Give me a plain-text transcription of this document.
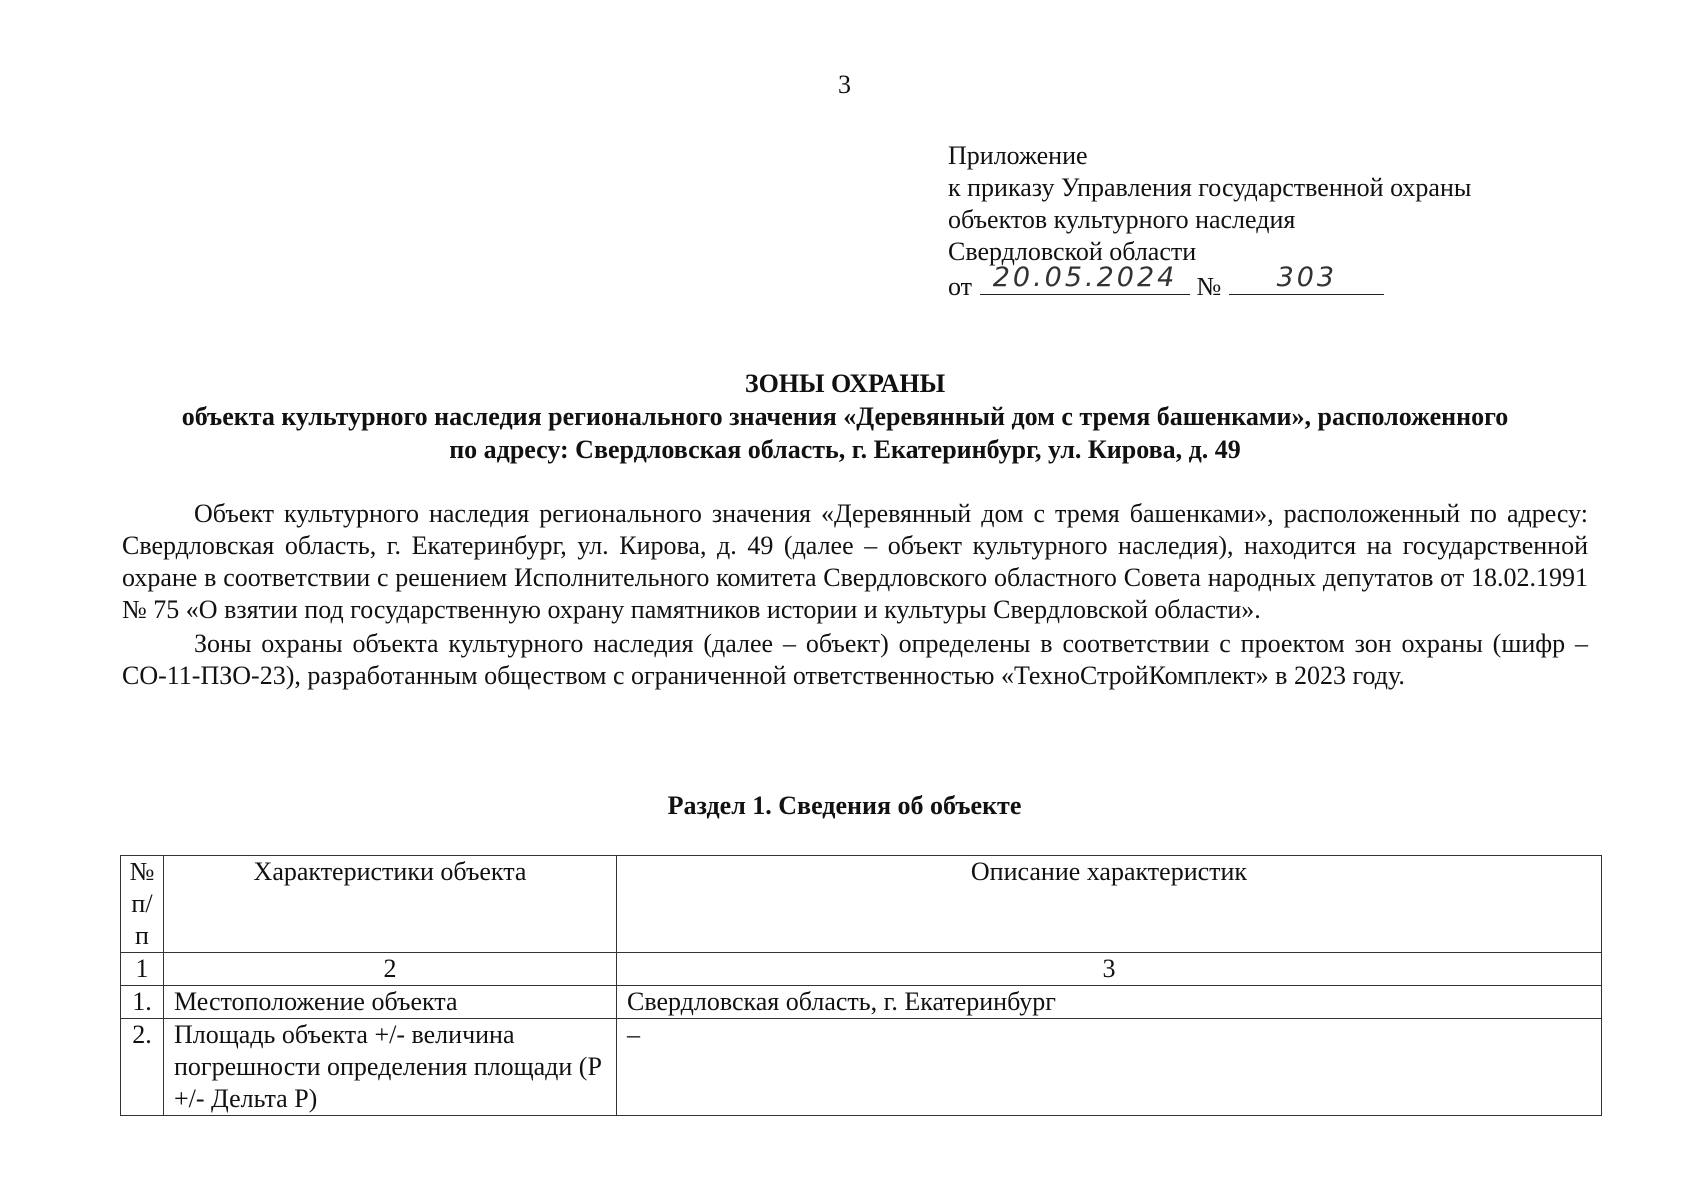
3
Приложение
к приказу Управления государственной охраны
объектов культурного наследия
Свердловской области
от 20.05.2024 №	303
ЗОНЫ ОХРАНЫ
объекта культурного наследия регионального значения «Деревянный дом с тремя башенками», расположенного
по адресу: Свердловская область, г. Екатеринбург, ул. Кирова, д. 49

Объект культурного наследия регионального значения «Деревянный дом с тремя башенками», расположенный по адресу: Свердловская область, г. Екатеринбург, ул. Кирова, д. 49 (далее – объект культурного наследия), находится на государственной охране в соответствии с решением Исполнительного комитета Свердловского областного Совета народных депутатов от 18.02.1991 № 75 «О взятии под государственную охрану памятников истории и культуры Свердловской области».

Зоны охраны объекта культурного наследия (далее – объект) определены в соответствии с проектом зон охраны (шифр – СО-11-ПЗО-23), разработанным обществом с ограниченной ответственностью «ТехноСтройКомплект» в 2023 году.

Раздел 1. Сведения об объекте
№ п/п	Характеристики объекта	Описание характеристик
1	2	3
1.	Местоположение объекта	Свердловская область, г. Екатеринбург
2.	Площадь объекта +/- величина погрешности определения площади (Р +/- Дельта Р)	–
